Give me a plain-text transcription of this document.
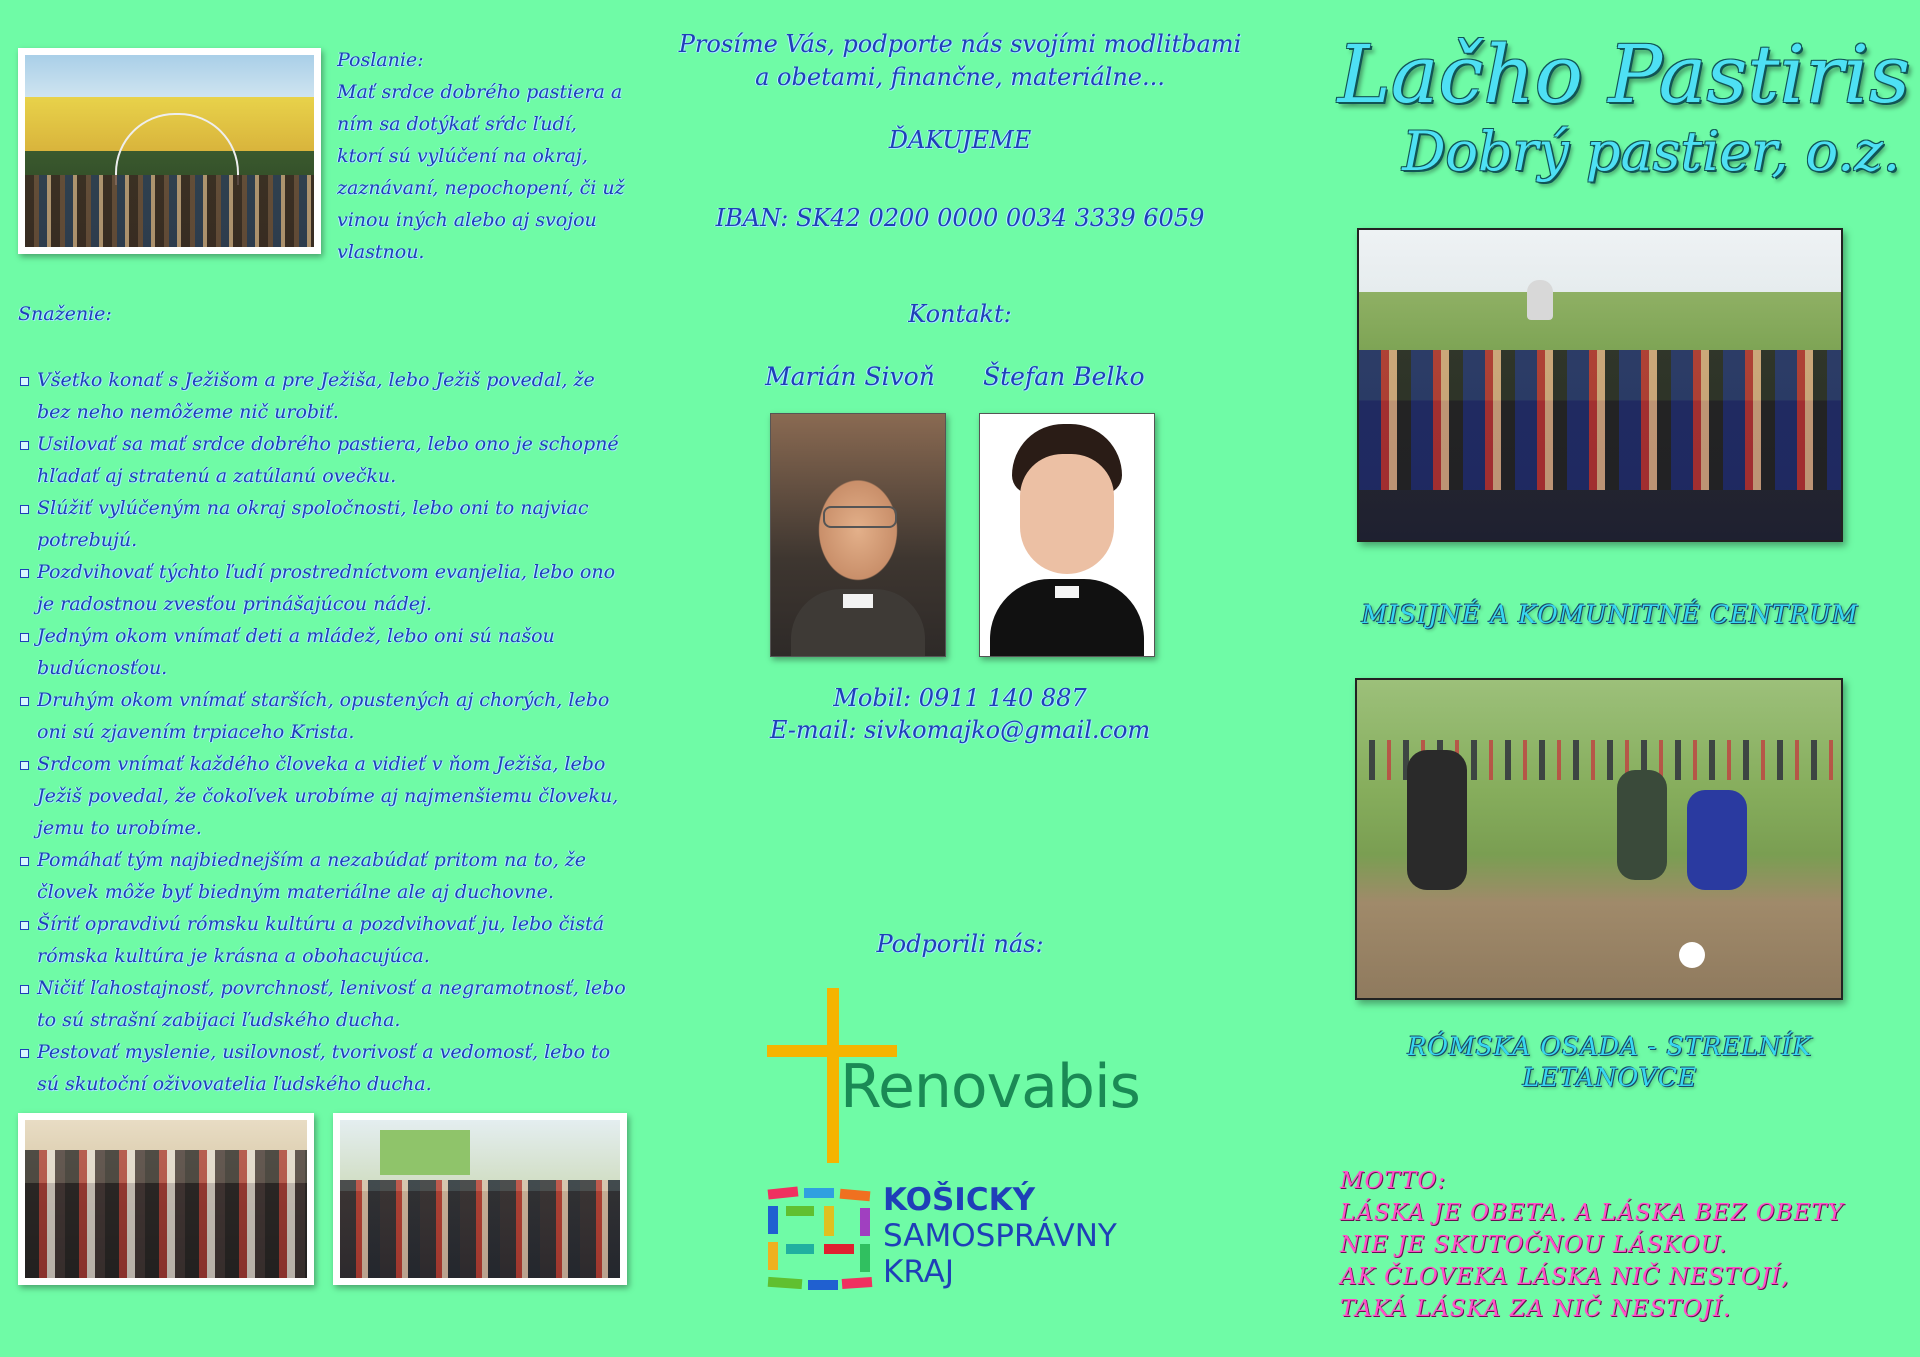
Poslanie:
Mať srdce dobrého pastiera a ním sa dotýkať sŕdc ľudí, ktorí sú vylúčení na okraj, zaznávaní, nepochopení, či už vinou iných alebo aj svojou vlastnou.
Snaženie:
Všetko konať s Ježišom a pre Ježiša, lebo Ježiš povedal, že bez neho nemôžeme nič urobiť.
Usilovať sa mať srdce dobrého pastiera, lebo ono je schopné hľadať aj stratenú a zatúlanú ovečku.
Slúžiť vylúčeným na okraj spoločnosti, lebo oni to najviac potrebujú.
Pozdvihovať týchto ľudí prostredníctvom evanjelia, lebo ono je radostnou zvesťou prinášajúcou nádej.
Jedným okom vnímať deti a mládež, lebo oni sú našou budúcnosťou.
Druhým okom vnímať starších, opustených aj chorých, lebo oni sú zjavením trpiaceho Krista.
Srdcom vnímať každého človeka a vidieť v ňom Ježiša, lebo Ježiš povedal, že čokoľvek urobíme aj najmenšiemu človeku, jemu to urobíme.
Pomáhať tým najbiednejším a nezabúdať pritom na to, že človek môže byť biedným materiálne ale aj duchovne.
Šíriť opravdivú rómsku kultúru a pozdvihovať ju, lebo čistá rómska kultúra je krásna a obohacujúca.
Ničiť ľahostajnosť, povrchnosť, lenivosť a negramotnosť, lebo to sú strašní zabijaci ľudského ducha.
Pestovať myslenie, usilovnosť, tvorivosť a vedomosť, lebo to sú skutoční oživovatelia ľudského ducha.
Prosíme Vás, podporte nás svojími modlitbami
a obetami, finančne, materiálne...
ĎAKUJEME
IBAN: SK42 0200 0000 0034 3339 6059
Kontakt:
Marián Sivoň Štefan Belko
Mobil: 0911 140 887
E-mail: sivkomajko@gmail.com
Podporili nás:
Renovabis
KOŠICKÝ
SAMOSPRÁVNY
KRAJ
Lačho Pastiris
Dobrý pastier, o.z.
MISIJNÉ A KOMUNITNÉ CENTRUM
RÓMSKA OSADA - STRELNÍK
LETANOVCE
MOTTO:
LÁSKA JE OBETA. A LÁSKA BEZ OBETY
NIE JE SKUTOČNOU LÁSKOU.
AK ČLOVEKA LÁSKA NIČ NESTOJÍ,
TAKÁ LÁSKA ZA NIČ NESTOJÍ.
